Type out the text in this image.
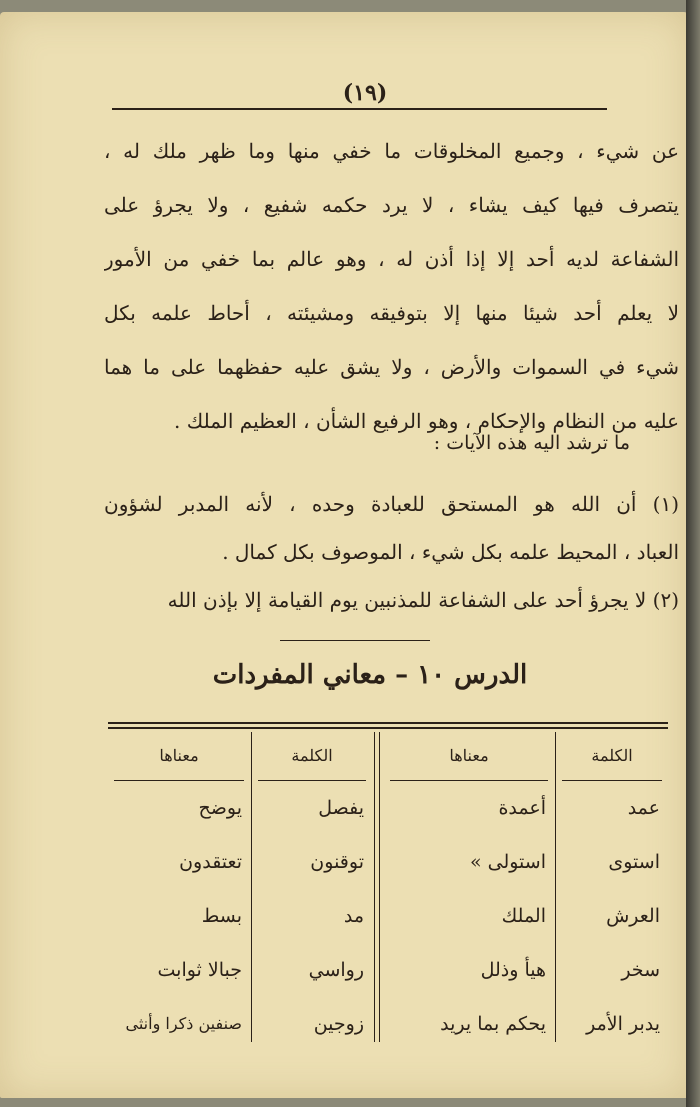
(١٩)
عن شيء ، وجميع المخلوقات ما خفي منها وما ظهر ملك له ،
يتصرف فيها كيف يشاء ، لا يرد حكمه شفيع ، ولا يجرؤ على
الشفاعة لديه أحد إلا إذا أذن له ، وهو عالم بما خفي من الأمور
لا يعلم أحد شيئا منها إلا بتوفيقه ومشيئته ، أحاط علمه بكل
شيء في السموات والأرض ، ولا يشق عليه حفظهما على ما هما
عليه من النظام والإحكام ، وهو الرفيع الشأن ، العظيم الملك .
ما ترشد اليه هذه الآيات :
(١) أن الله هو المستحق للعبادة وحده ، لأنه المدبر لشؤون
العباد ، المحيط علمه بكل شيء ، الموصوف بكل كمال .
(٢) لا يجرؤ أحد على الشفاعة للمذنبين يوم القيامة إلا بإذن الله
الدرس ١٠ – معاني المفردات
الكلمة
عمد
استوى
العرش
سخر
يدبر الأمر
معناها
أعمدة
استولى »
الملك
هيأ وذلل
يحكم بما يريد
الكلمة
يفصل
توقنون
مد
رواسي
زوجين
معناها
يوضح
تعتقدون
بسط
جبالا ثوابت
صنفين ذكرا وأنثى
